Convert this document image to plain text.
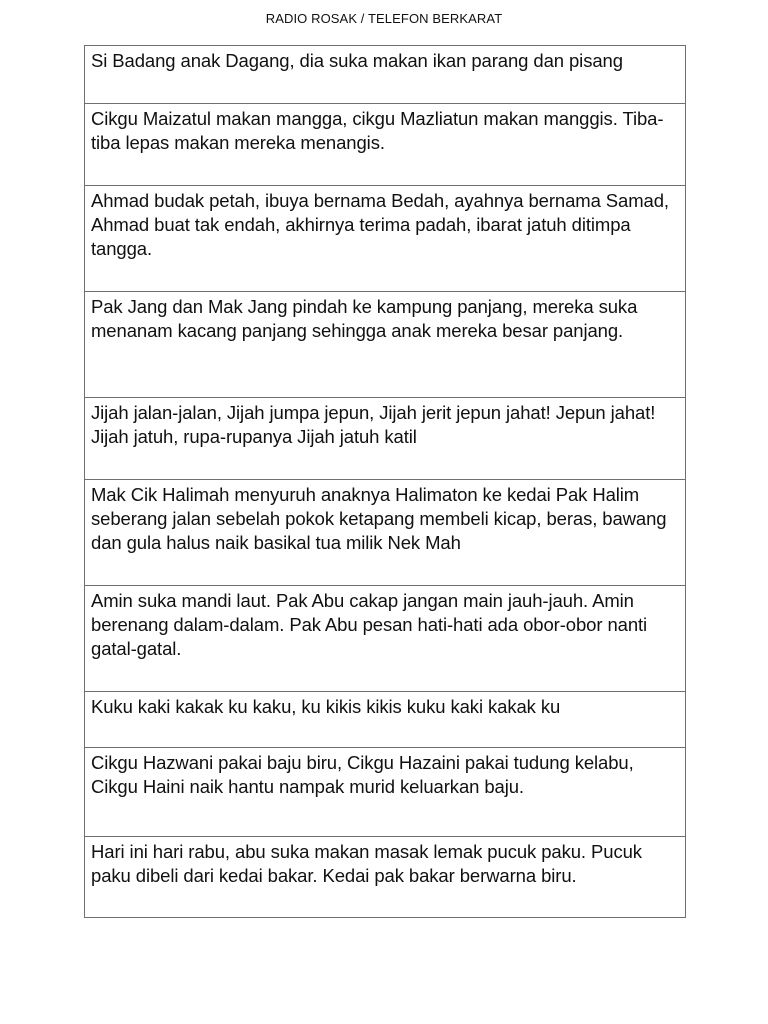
RADIO ROSAK / TELEFON BERKARAT
Si Badang anak Dagang, dia suka makan ikan parang dan pisang
Cikgu Maizatul makan mangga, cikgu Mazliatun makan manggis. Tiba-tiba lepas makan mereka menangis.
Ahmad budak petah, ibuya bernama Bedah, ayahnya bernama Samad, Ahmad buat tak endah, akhirnya terima padah, ibarat jatuh ditimpa tangga.
Pak Jang dan Mak Jang pindah ke kampung panjang, mereka suka menanam kacang panjang sehingga anak mereka besar panjang.
Jijah jalan-jalan, Jijah jumpa jepun, Jijah jerit jepun jahat! Jepun jahat! Jijah jatuh, rupa-rupanya Jijah jatuh katil
Mak Cik Halimah menyuruh anaknya Halimaton ke kedai Pak Halim seberang jalan sebelah pokok ketapang membeli kicap, beras, bawang dan gula halus naik basikal tua milik Nek Mah
Amin suka mandi laut. Pak Abu cakap jangan main jauh-jauh. Amin berenang dalam-dalam. Pak Abu pesan hati-hati ada obor-obor nanti gatal-gatal.
Kuku kaki kakak ku kaku, ku kikis kikis kuku kaki kakak ku
Cikgu Hazwani pakai baju biru, Cikgu Hazaini pakai tudung kelabu, Cikgu Haini naik hantu nampak murid keluarkan baju.
Hari ini hari rabu, abu suka makan masak lemak pucuk paku. Pucuk paku dibeli dari kedai bakar. Kedai pak bakar berwarna biru.
